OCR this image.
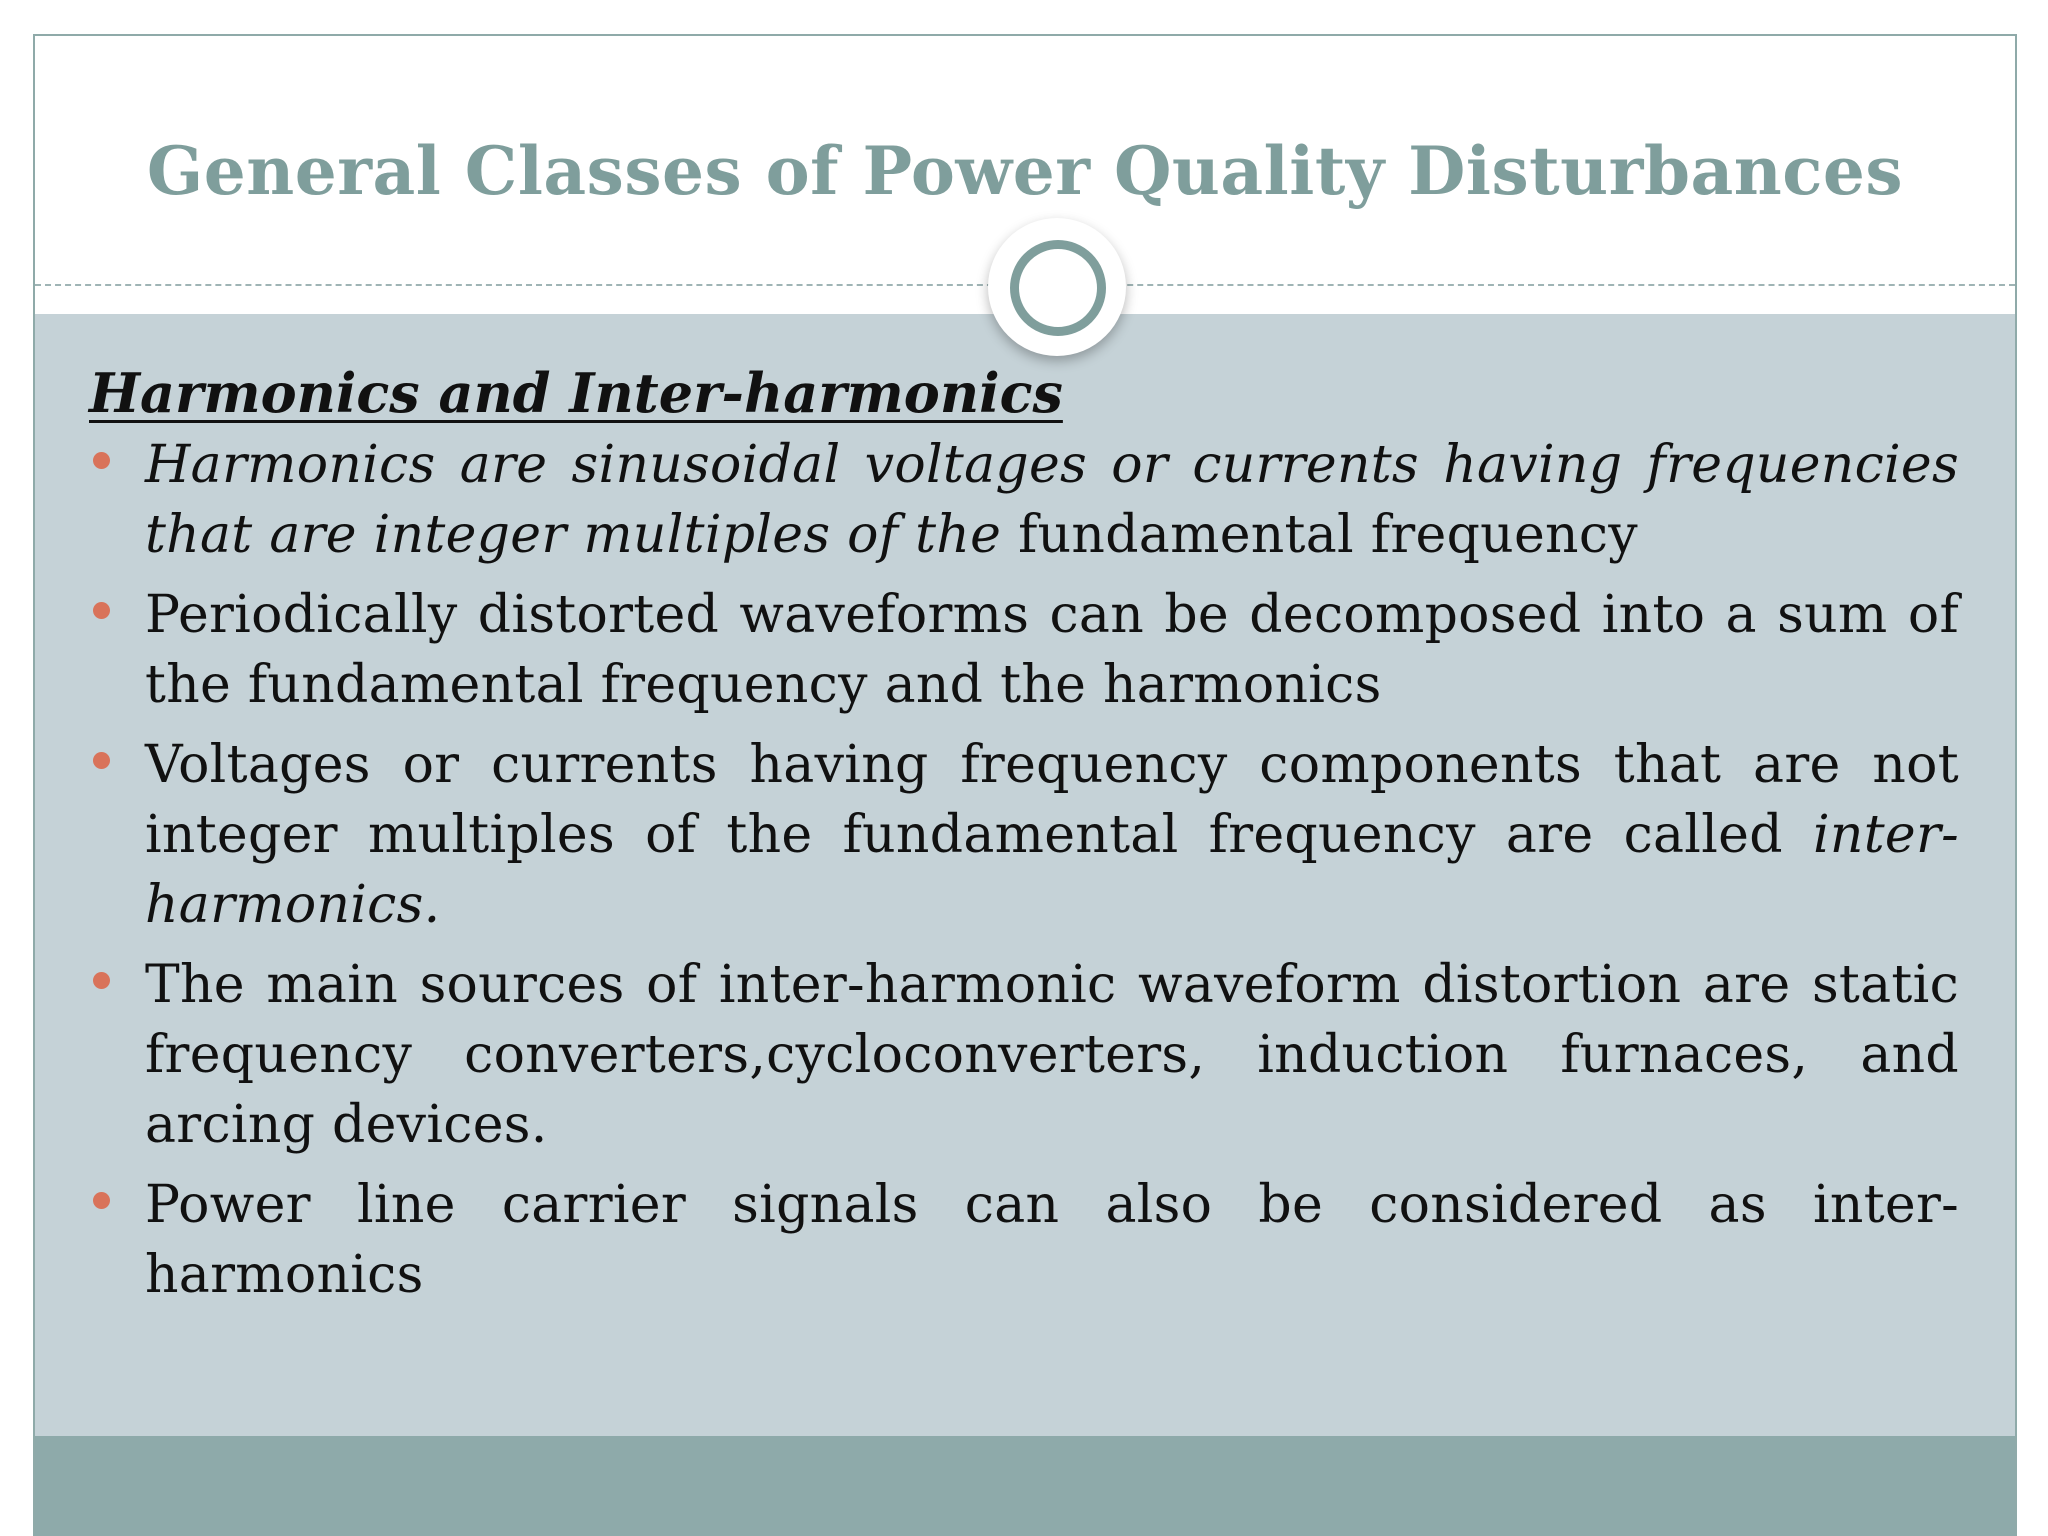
General Classes of Power Quality Disturbances

Harmonics and Inter-harmonics

Harmonics are sinusoidal voltages or currents having frequencies that are integer multiples of the fundamental frequency
Periodically distorted waveforms can be decomposed into a sum of the fundamental frequency and the harmonics
Voltages or currents having frequency components that are not integer multiples of the fundamental frequency are called inter-harmonics.
The main sources of inter-harmonic waveform distortion are static frequency converters,cycloconverters, induction furnaces, and arcing devices.
Power line carrier signals can also be considered as inter-harmonics
